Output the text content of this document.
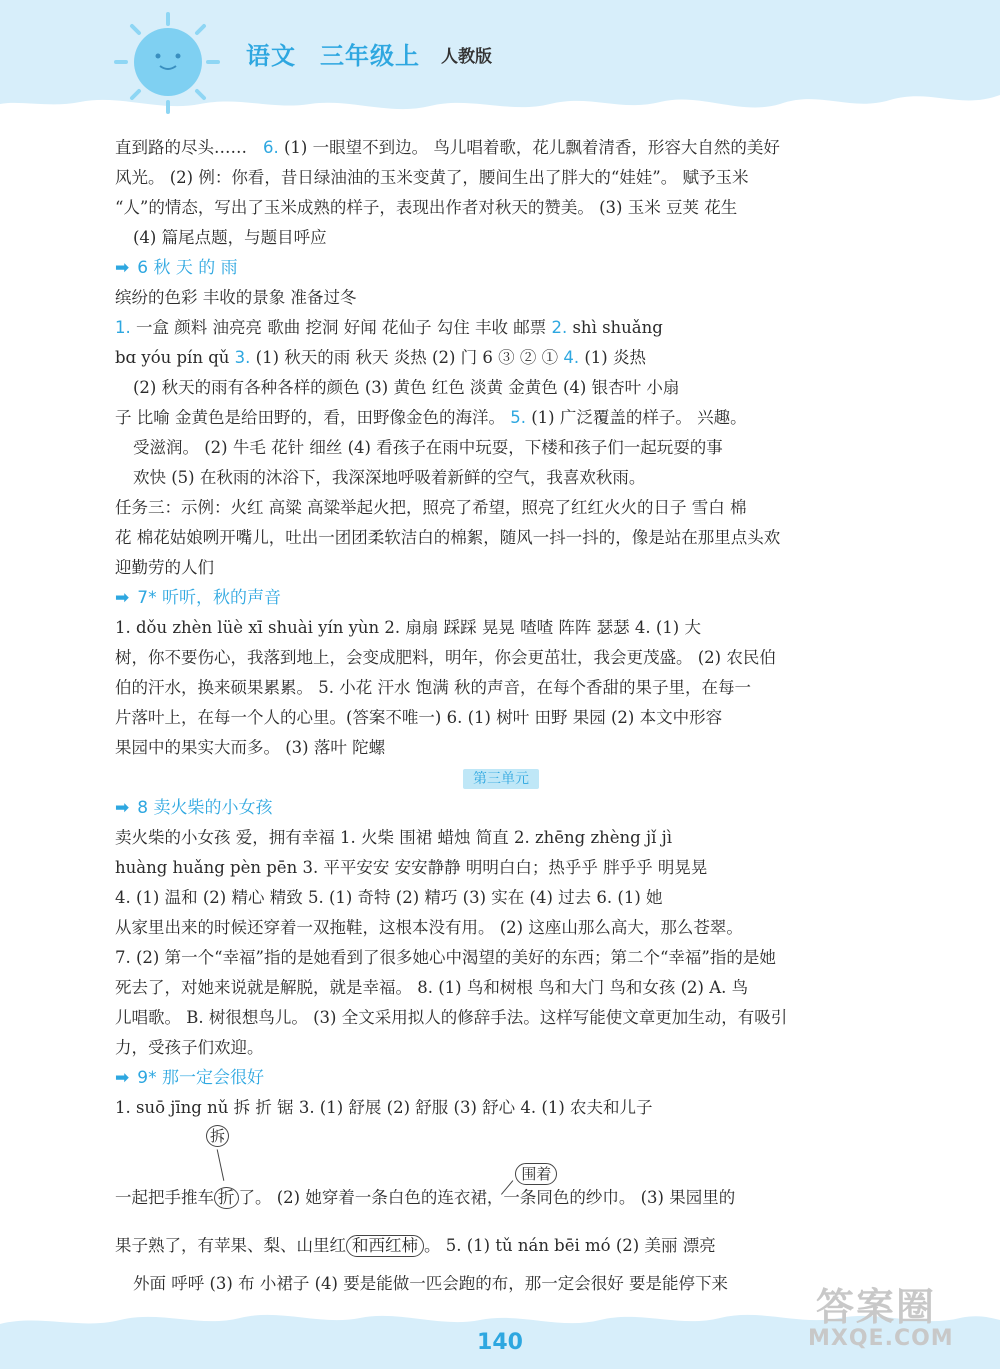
语文 三年级上 人教版

直到路的尽头…… 6. (1) 一眼望不到边。 鸟儿唱着歌，花儿飘着清香，形容大自然的美好

风光。 (2) 例：你看，昔日绿油油的玉米变黄了，腰间生出了胖大的“娃娃”。 赋予玉米

“人”的情态，写出了玉米成熟的样子，表现出作者对秋天的赞美。 (3) 玉米 豆荚 花生

(4) 篇尾点题，与题目呼应

➡ 6 秋 天 的 雨

缤纷的色彩 丰收的景象 准备过冬

1. 一盒 颜料 油亮亮 歌曲 挖洞 好闻 花仙子 勾住 丰收 邮票 2. shì shuǎng

bɑ yóu pín qǔ 3. (1) 秋天的雨 秋天 炎热 (2) 门 6 ③ ② ① 4. (1) 炎热

(2) 秋天的雨有各种各样的颜色 (3) 黄色 红色 淡黄 金黄色 (4) 银杏叶 小扇

子 比喻 金黄色是给田野的，看，田野像金色的海洋。 5. (1) 广泛覆盖的样子。 兴趣。

受滋润。 (2) 牛毛 花针 细丝 (4) 看孩子在雨中玩耍，下楼和孩子们一起玩耍的事

欢快 (5) 在秋雨的沐浴下，我深深地呼吸着新鲜的空气，我喜欢秋雨。

任务三：示例：火红 高粱 高粱举起火把，照亮了希望，照亮了红红火火的日子 雪白 棉

花 棉花姑娘咧开嘴儿，吐出一团团柔软洁白的棉絮，随风一抖一抖的，像是站在那里点头欢

迎勤劳的人们

➡ 7* 听听，秋的声音

1. dǒu zhèn lüè xī shuài yín yùn 2. 扇扇 踩踩 晃晃 喳喳 阵阵 瑟瑟 4. (1) 大

树，你不要伤心，我落到地上，会变成肥料，明年，你会更茁壮，我会更茂盛。 (2) 农民伯

伯的汗水，换来硕果累累。 5. 小花 汗水 饱满 秋的声音，在每个香甜的果子里，在每一

片落叶上，在每一个人的心里。(答案不唯一) 6. (1) 树叶 田野 果园 (2) 本文中形容

果园中的果实大而多。 (3) 落叶 陀螺

第三单元

➡ 8 卖火柴的小女孩

卖火柴的小女孩 爱，拥有幸福 1. 火柴 围裙 蜡烛 简直 2. zhēng zhèng jǐ jì

huàng huǎng pèn pēn 3. 平平安安 安安静静 明明白白；热乎乎 胖乎乎 明晃晃

4. (1) 温和 (2) 精心 精致 5. (1) 奇特 (2) 精巧 (3) 实在 (4) 过去 6. (1) 她

从家里出来的时候还穿着一双拖鞋，这根本没有用。 (2) 这座山那么高大，那么苍翠。

7. (2) 第一个“幸福”指的是她看到了很多她心中渴望的美好的东西；第二个“幸福”指的是她

死去了，对她来说就是解脱，就是幸福。 8. (1) 鸟和树根 鸟和大门 鸟和女孩 (2) A. 鸟

儿唱歌。 B. 树很想鸟儿。 (3) 全文采用拟人的修辞手法。这样写能使文章更加生动，有吸引

力，受孩子们欢迎。

➡ 9* 那一定会很好

1. suō jīng nǔ 拆 折 锯 3. (1) 舒展 (2) 舒服 (3) 舒心 4. (1) 农夫和儿子

一起把手推车
拆
折 了。 (2) 她穿着一条白色的连衣裙，
围着
一条同色的纱巾。 (3) 果园里的

果子熟了，有苹果、梨、山里红 和西红柿 。 5. (1) tǔ nán bēi mó (2) 美丽 漂亮

外面 呼呼 (3) 布 小裙子 (4) 要是能做一匹会跑的布，那一定会很好 要是能停下来

140
答案圈
MXQE.COM
